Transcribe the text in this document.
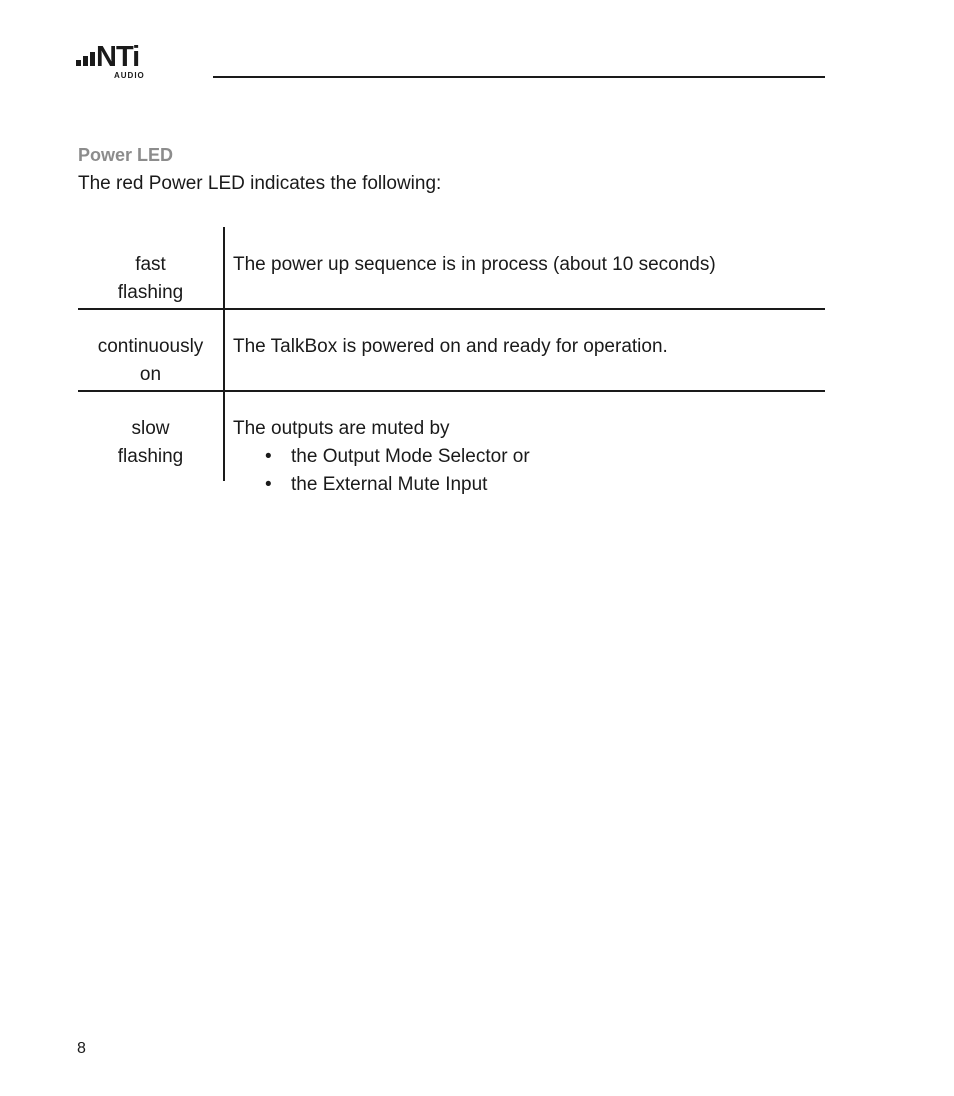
NTi
AUDIO
Power LED
The red Power LED indicates the following:
fast
flashing
The power up sequence is in process (about 10 seconds)
continuously
on
The TalkBox is powered on and ready for operation.
slow
flashing
The outputs are muted by
• the Output Mode Selector or
• the External Mute Input
8
